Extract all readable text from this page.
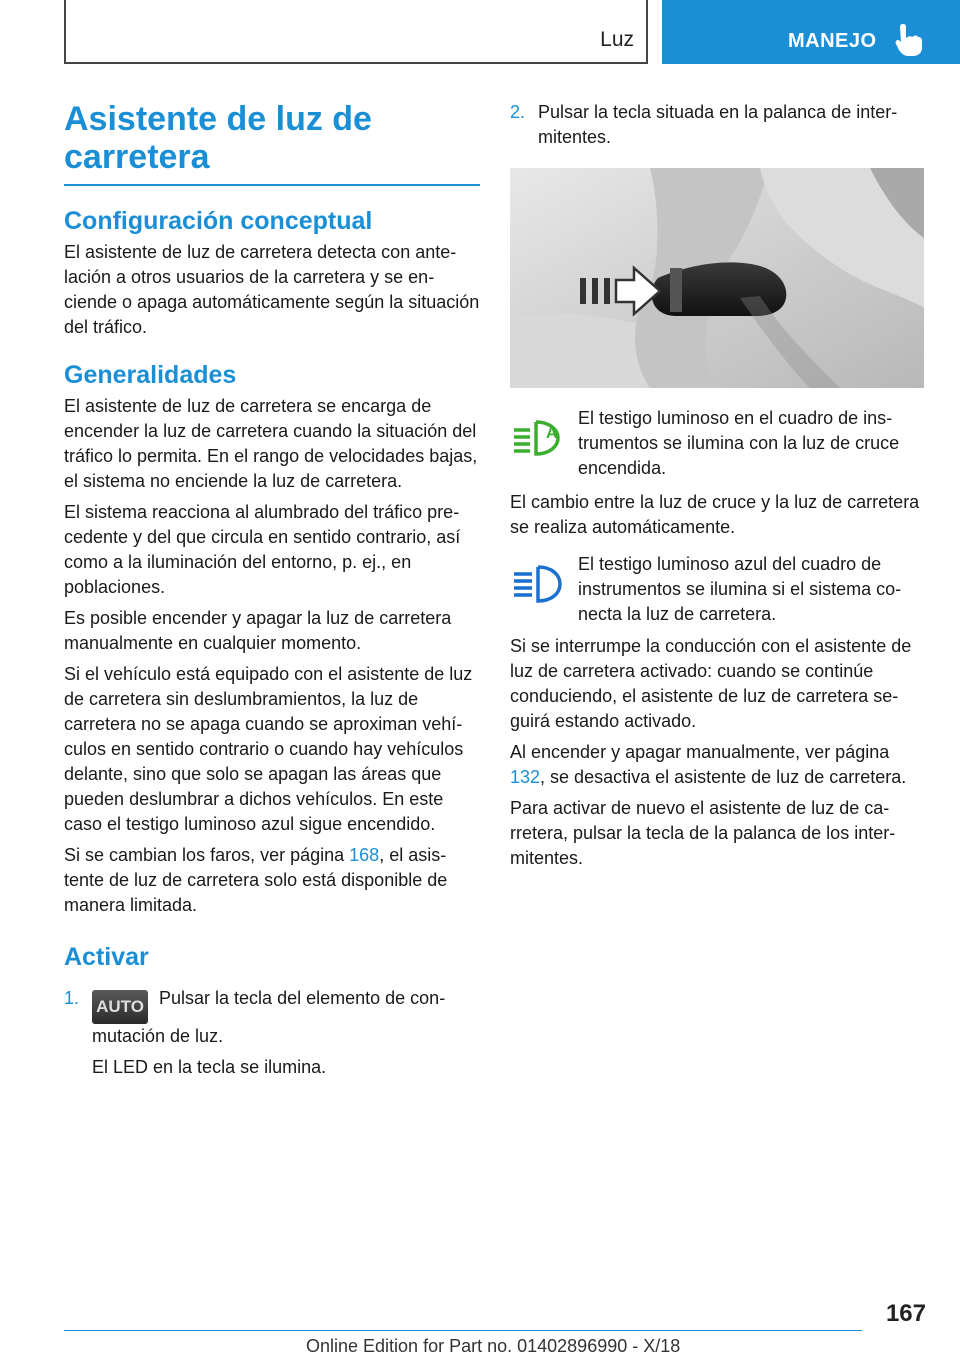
Luz	MANEJO
Asistente de luz de carretera
Configuración conceptual

El asistente de luz de carretera detecta con antelación a otros usuarios de la carretera y se enciende o apaga automáticamente según la situación del tráfico.

Generalidades

El asistente de luz de carretera se encarga de encender la luz de carretera cuando la situación del tráfico lo permita. En el rango de velocidades bajas, el sistema no enciende la luz de carretera.

El sistema reacciona al alumbrado del tráfico precedente y del que circula en sentido contrario, así como a la iluminación del entorno, p. ej., en poblaciones.

Es posible encender y apagar la luz de carretera manualmente en cualquier momento.

Si el vehículo está equipado con el asistente de luz de carretera sin deslumbramientos, la luz de carretera no se apaga cuando se aproximan vehículos en sentido contrario o cuando hay vehículos delante, sino que solo se apagan las áreas que pueden deslumbrar a dichos vehículos. En este caso el testigo luminoso azul sigue encendido.

Si se cambian los faros, ver página 168, el asistente de luz de carretera solo está disponible de manera limitada.

Activar
1.	AUTO Pulsar la tecla del elemento de conmutación de luz.

El LED en la tecla se ilumina.

2. Pulsar la tecla situada en la palanca de intermitentes.
A

El testigo luminoso en el cuadro de instrumentos se ilumina con la luz de cruce encendida.

El cambio entre la luz de cruce y la luz de carretera se realiza automáticamente.

El testigo luminoso azul del cuadro de instrumentos se ilumina si el sistema conecta la luz de carretera.

Si se interrumpe la conducción con el asistente de luz de carretera activado: cuando se continúe conduciendo, el asistente de luz de carretera seguirá estando activado.

Al encender y apagar manualmente, ver página 132, se desactiva el asistente de luz de carretera.

Para activar de nuevo el asistente de luz de carretera, pulsar la tecla de la palanca de los intermitentes.

167
Online Edition for Part no. 01402896990 - X/18
